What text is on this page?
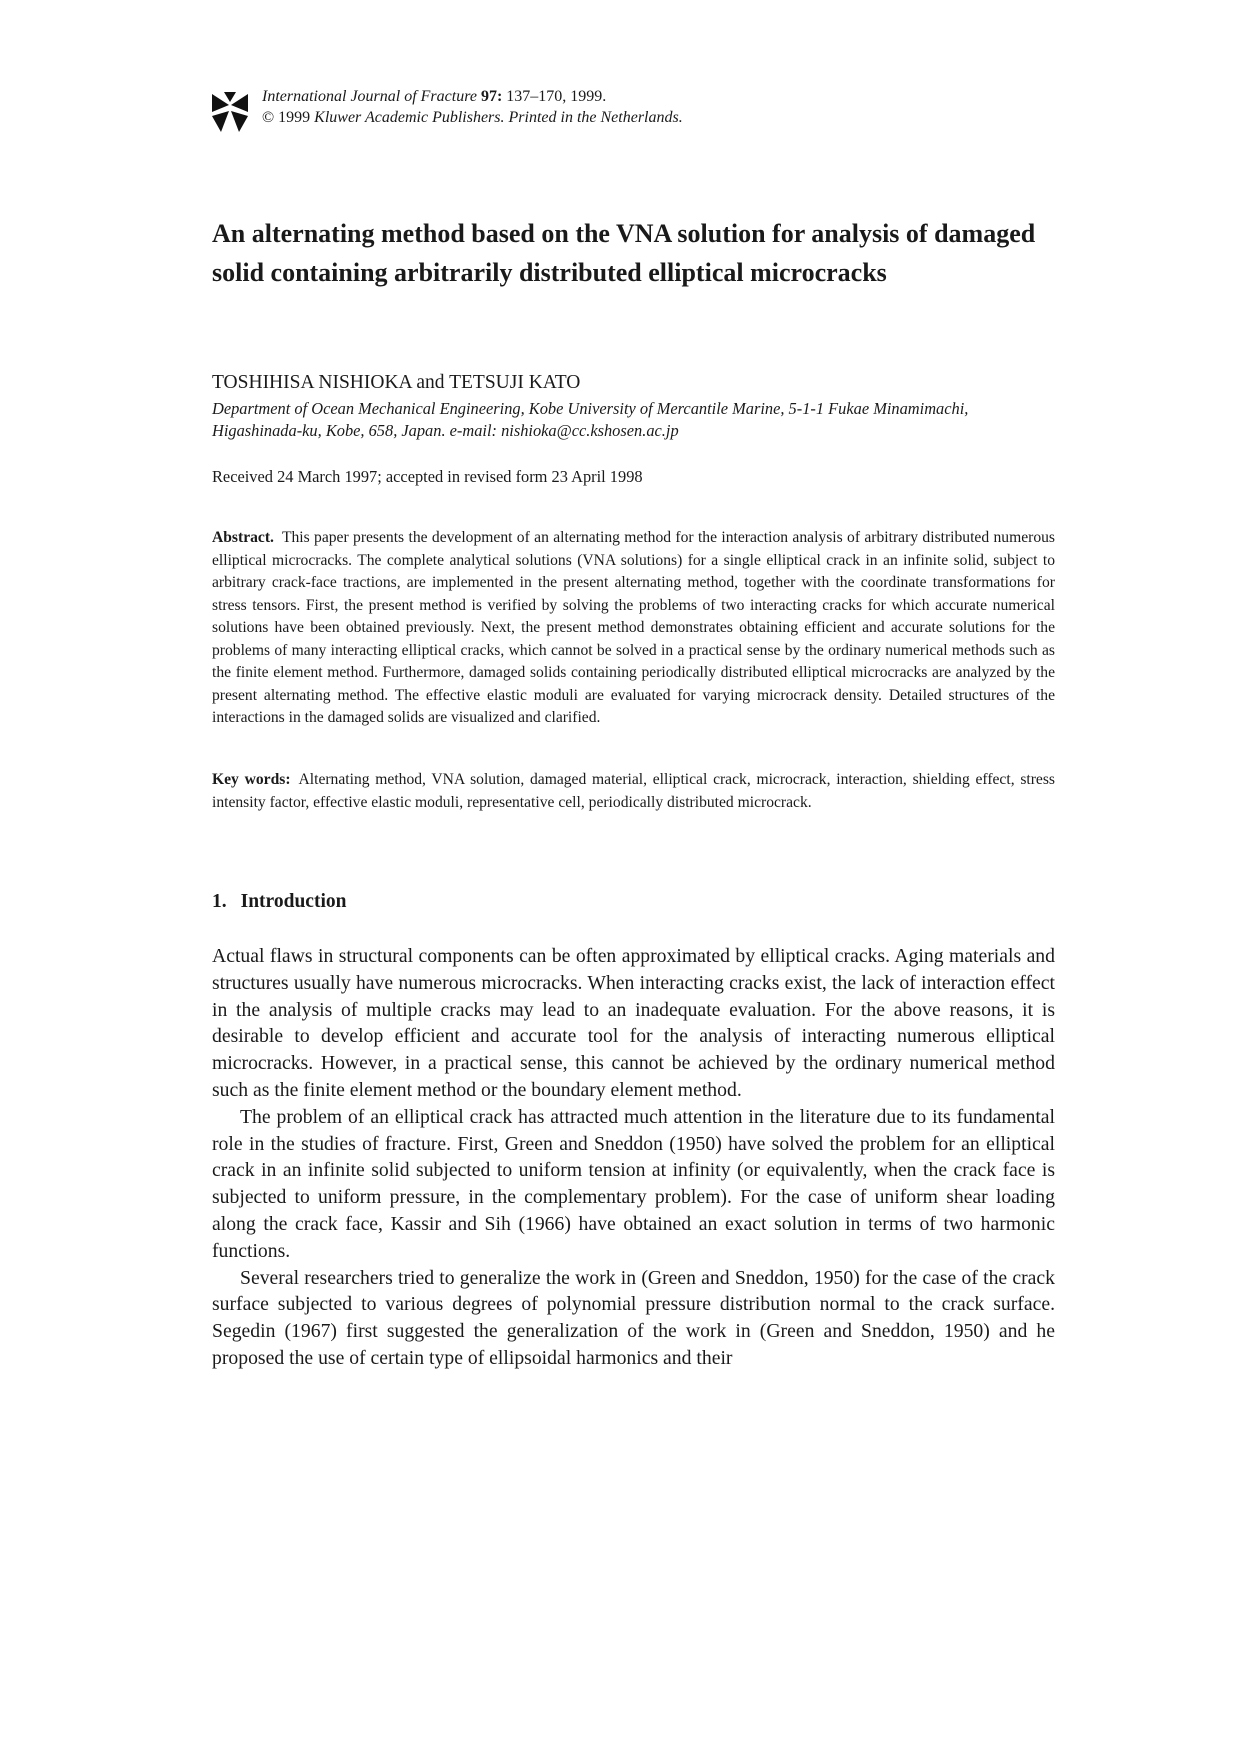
International Journal of Fracture 97: 137–170, 1999.
© 1999 Kluwer Academic Publishers. Printed in the Netherlands.
An alternating method based on the VNA solution for analysis of damaged solid containing arbitrarily distributed elliptical microcracks
TOSHIHISA NISHIOKA and TETSUJI KATO
Department of Ocean Mechanical Engineering, Kobe University of Mercantile Marine, 5-1-1 Fukae Minamimachi, Higashinada-ku, Kobe, 658, Japan. e-mail: nishioka@cc.kshosen.ac.jp
Received 24 March 1997; accepted in revised form 23 April 1998

Abstract. This paper presents the development of an alternating method for the interaction analysis of arbitrary distributed numerous elliptical microcracks. The complete analytical solutions (VNA solutions) for a single elliptical crack in an infinite solid, subject to arbitrary crack-face tractions, are implemented in the present alternating method, together with the coordinate transformations for stress tensors. First, the present method is verified by solving the problems of two interacting cracks for which accurate numerical solutions have been obtained previously. Next, the present method demonstrates obtaining efficient and accurate solutions for the problems of many interacting elliptical cracks, which cannot be solved in a practical sense by the ordinary numerical methods such as the finite element method. Furthermore, damaged solids containing periodically distributed elliptical microcracks are analyzed by the present alternating method. The effective elastic moduli are evaluated for varying microcrack density. Detailed structures of the interactions in the damaged solids are visualized and clarified.

Key words: Alternating method, VNA solution, damaged material, elliptical crack, microcrack, interaction, shielding effect, stress intensity factor, effective elastic moduli, representative cell, periodically distributed microcrack.

1. Introduction

Actual flaws in structural components can be often approximated by elliptical cracks. Aging materials and structures usually have numerous microcracks. When interacting cracks exist, the lack of interaction effect in the analysis of multiple cracks may lead to an inadequate evaluation. For the above reasons, it is desirable to develop efficient and accurate tool for the analysis of interacting numerous elliptical microcracks. However, in a practical sense, this cannot be achieved by the ordinary numerical method such as the finite element method or the boundary element method.

The problem of an elliptical crack has attracted much attention in the literature due to its fundamental role in the studies of fracture. First, Green and Sneddon (1950) have solved the problem for an elliptical crack in an infinite solid subjected to uniform tension at infinity (or equivalently, when the crack face is subjected to uniform pressure, in the complementary problem). For the case of uniform shear loading along the crack face, Kassir and Sih (1966) have obtained an exact solution in terms of two harmonic functions.

Several researchers tried to generalize the work in (Green and Sneddon, 1950) for the case of the crack surface subjected to various degrees of polynomial pressure distribution normal to the crack surface. Segedin (1967) first suggested the generalization of the work in (Green and Sneddon, 1950) and he proposed the use of certain type of ellipsoidal harmonics and their
